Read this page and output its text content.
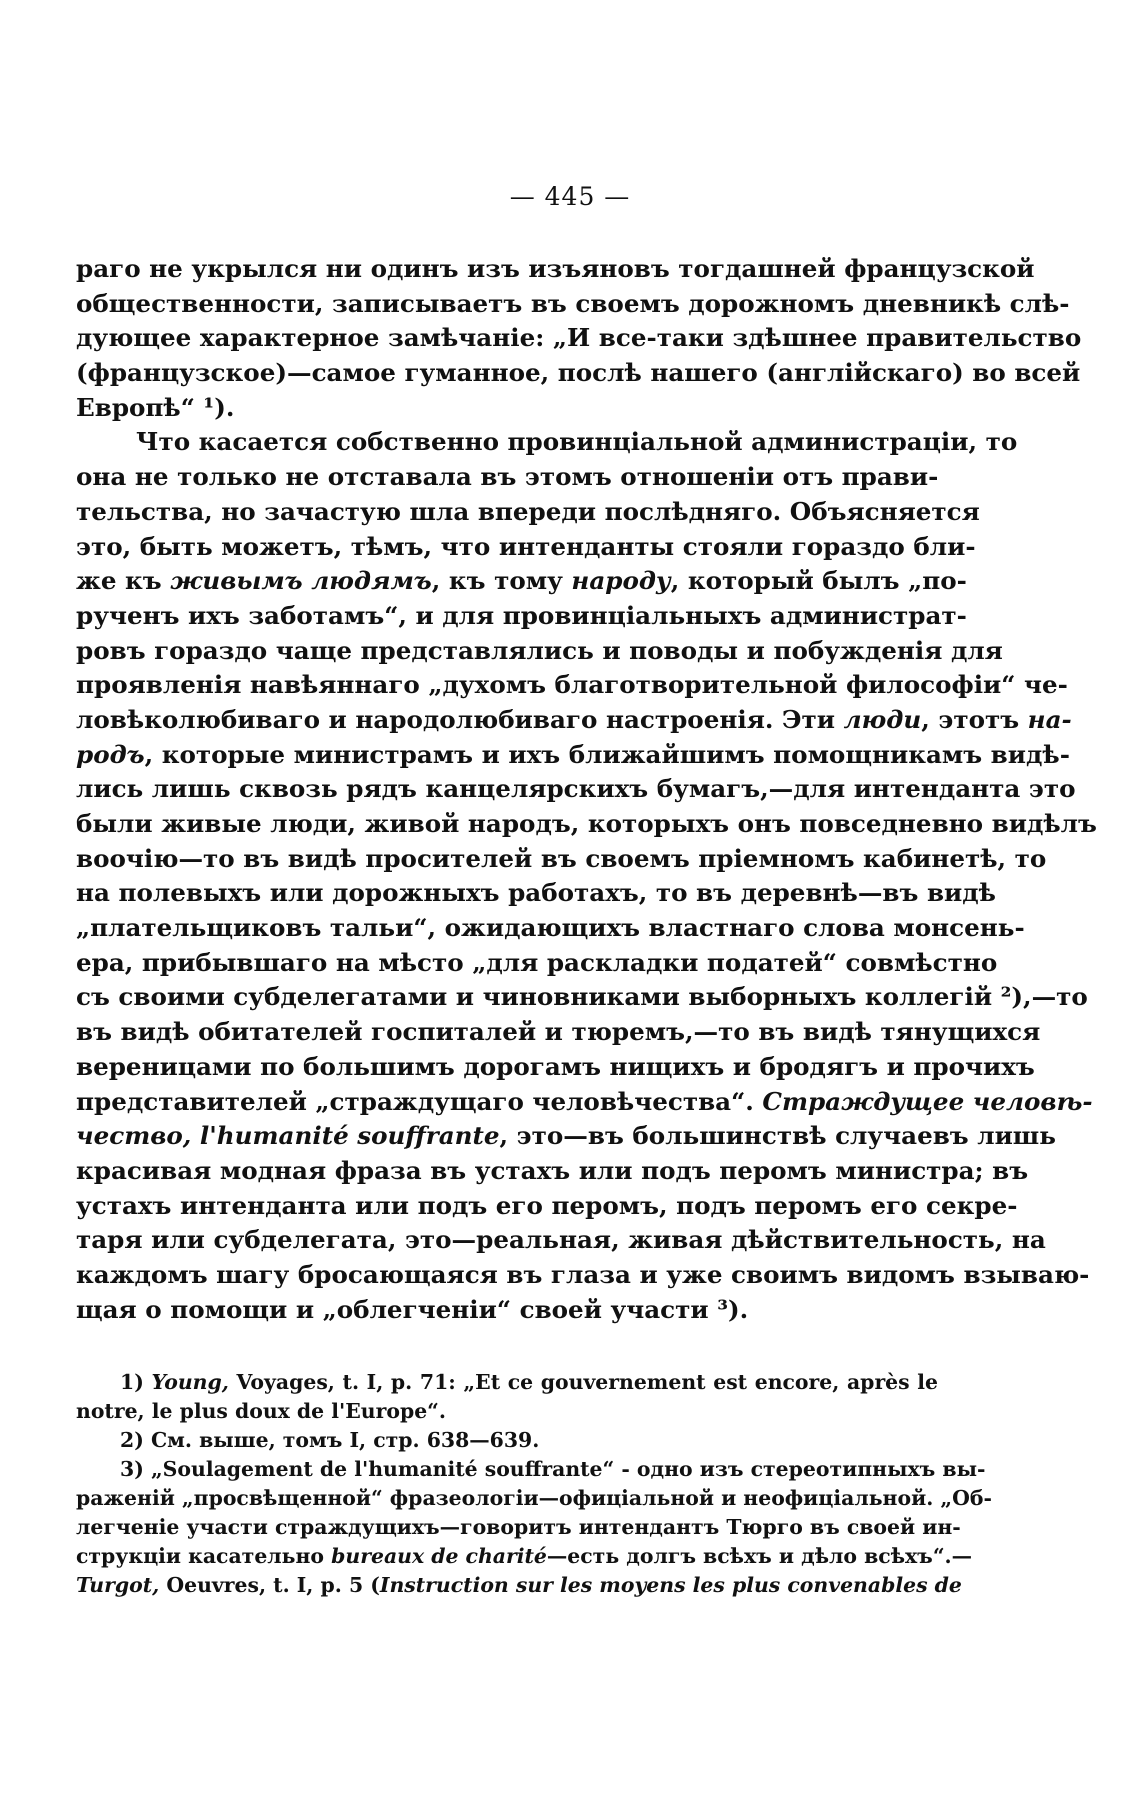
— 445 —
раго не укрылся ни одинъ изъ изъяновъ тогдашней французской
общественности, записываетъ въ своемъ дорожномъ дневникѣ слѣ-
дующее характерное замѣчаніе: „И все-таки здѣшнее правительство
(французское)—самое гуманное, послѣ нашего (англійскаго) во всей
Европѣ“ ¹).
Что касается собственно провинціальной администраціи, то
она не только не отставала въ этомъ отношеніи отъ прави-
тельства, но зачастую шла впереди послѣдняго. Объясняется
это, быть можетъ, тѣмъ, что интенданты стояли гораздо бли-
же къ живымъ людямъ, къ тому народу, который былъ „по-
рученъ ихъ заботамъ“, и для провинціальныхъ администрат-
ровъ гораздо чаще представлялись и поводы и побужденія для
проявленія навѣяннаго „духомъ благотворительной философіи“ че-
ловѣколюбиваго и народолюбиваго настроенія. Эти люди, этотъ на-
родъ, которые министрамъ и ихъ ближайшимъ помощникамъ видѣ-
лись лишь сквозь рядъ канцелярскихъ бумагъ,—для интенданта это
были живые люди, живой народъ, которыхъ онъ повседневно видѣлъ
воочію—то въ видѣ просителей въ своемъ пріемномъ кабинетѣ, то
на полевыхъ или дорожныхъ работахъ, то въ деревнѣ—въ видѣ
„плательщиковъ тальи“, ожидающихъ властнаго слова монсень-
ера, прибывшаго на мѣсто „для раскладки податей“ совмѣстно
съ своими субделегатами и чиновниками выборныхъ коллегій ²),—то
въ видѣ обитателей госпиталей и тюремъ,—то въ видѣ тянущихся
вереницами по большимъ дорогамъ нищихъ и бродягъ и прочихъ
представителей „страждущаго человѣчества“. Страждущее человѣ-
чество, l'humanité souffrante, это—въ большинствѣ случаевъ лишь
красивая модная фраза въ устахъ или подъ перомъ министра; въ
устахъ интенданта или подъ его перомъ, подъ перомъ его секре-
таря или субделегата, это—реальная, живая дѣйствительность, на
каждомъ шагу бросающаяся въ глаза и уже своимъ видомъ взываю-
щая о помощи и „облегченіи“ своей участи ³).
1) Young, Voyages, t. I, p. 71: „Et ce gouvernement est encore, après le
notre, le plus doux de l'Europe“.
2) См. выше, томъ I, стр. 638—639.
3) „Soulagement de l'humanité souffrante“ - одно изъ стереотипныхъ вы-
раженій „просвѣщенной“ фразеологіи—офиціальной и неофиціальной. „Об-
легченіе участи страждущихъ—говоритъ интендантъ Тюрго въ своей ин-
струкціи касательно bureaux de charité—есть долгъ всѣхъ и дѣло всѣхъ“.—
Turgot, Oeuvres, t. I, p. 5 (Instruction sur les moyens les plus convenables de
